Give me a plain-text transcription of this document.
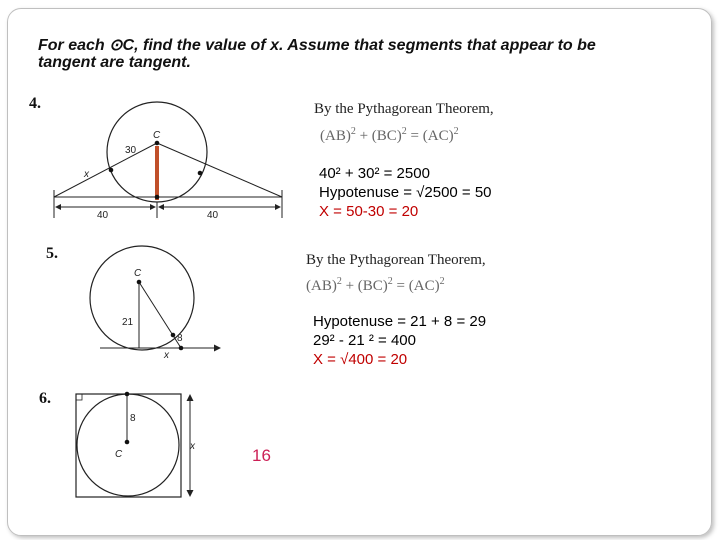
For each ⊙C, find the value of x. Assume that segments that appear to be tangent are tangent.
4.
C
30
x
40	40
By the Pythagorean Theorem,
(AB)$^2$ + (BC)$^2$ = (AC)$^2$
40² + 30² = 2500
Hypotenuse = √2500 = 50
X = 50-30 = 20
5.
C
21
8
x
By the Pythagorean Theorem,
(AB)$^2$ + (BC)$^2$ = (AC)$^2$
Hypotenuse = 21 + 8 = 29
29² - 21 ² = 400
X = √400 = 20
6.
8
C
x	16
